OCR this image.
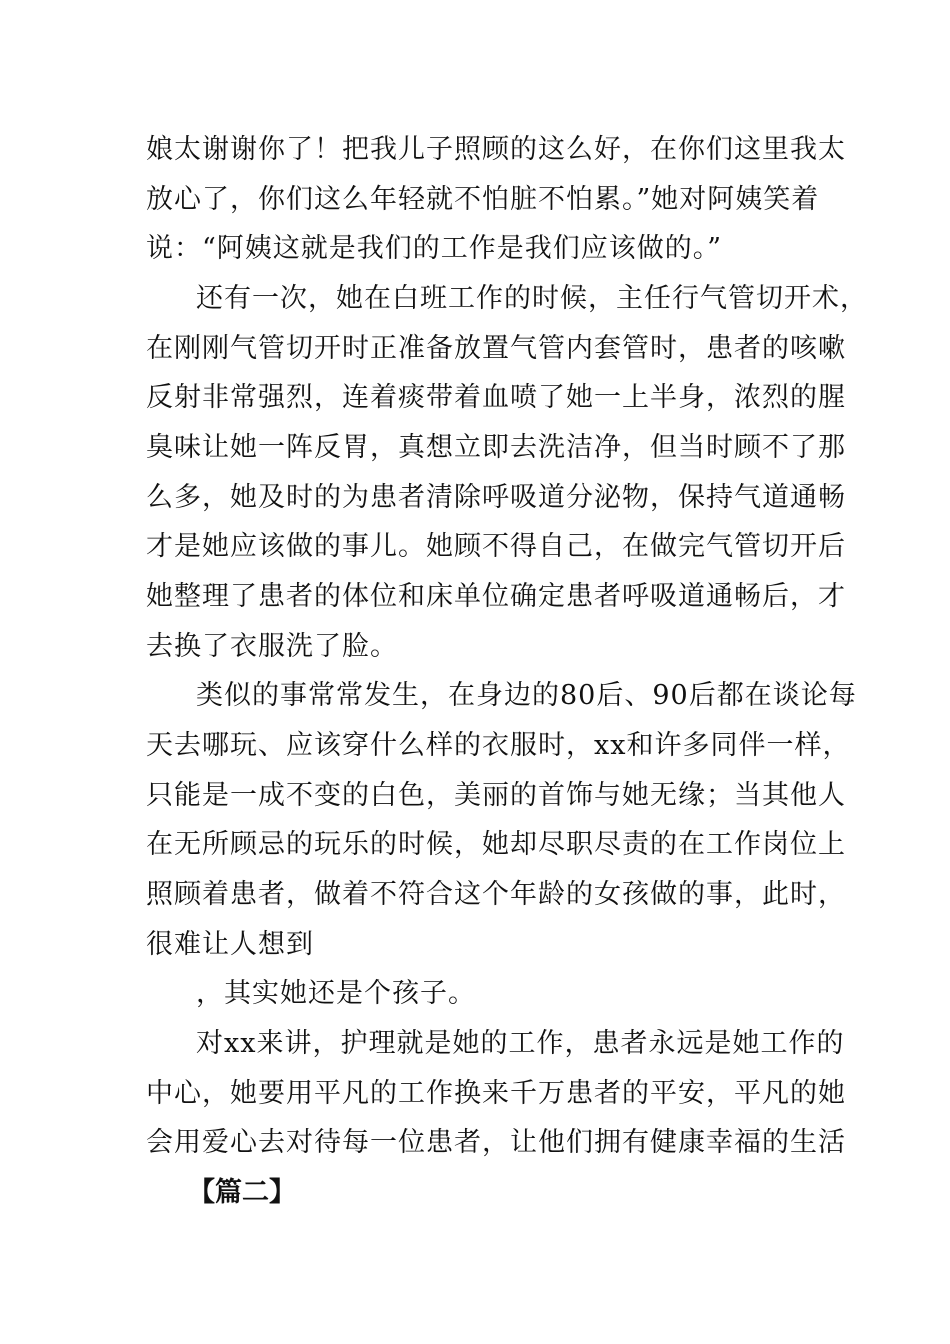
娘太谢谢你了！把我儿子照顾的这么好，在你们这里我太
放心了，你们这么年轻就不怕脏不怕累。”她对阿姨笑着
说：“阿姨这就是我们的工作是我们应该做的。”
还有一次，她在白班工作的时候，主任行气管切开术，
在刚刚气管切开时正准备放置气管内套管时，患者的咳嗽
反射非常强烈，连着痰带着血喷了她一上半身，浓烈的腥
臭味让她一阵反胃，真想立即去洗洁净，但当时顾不了那
么多，她及时的为患者清除呼吸道分泌物，保持气道通畅
才是她应该做的事儿。她顾不得自己，在做完气管切开后
她整理了患者的体位和床单位确定患者呼吸道通畅后，才
去换了衣服洗了脸。
类似的事常常发生，在身边的80后、90后都在谈论每
天去哪玩、应该穿什么样的衣服时，xx和许多同伴一样，
只能是一成不变的白色，美丽的首饰与她无缘；当其他人
在无所顾忌的玩乐的时候，她却尽职尽责的在工作岗位上
照顾着患者，做着不符合这个年龄的女孩做的事，此时，
很难让人想到
，其实她还是个孩子。
对xx来讲，护理就是她的工作，患者永远是她工作的
中心，她要用平凡的工作换来千万患者的平安，平凡的她
会用爱心去对待每一位患者，让他们拥有健康幸福的生活
【篇二】
